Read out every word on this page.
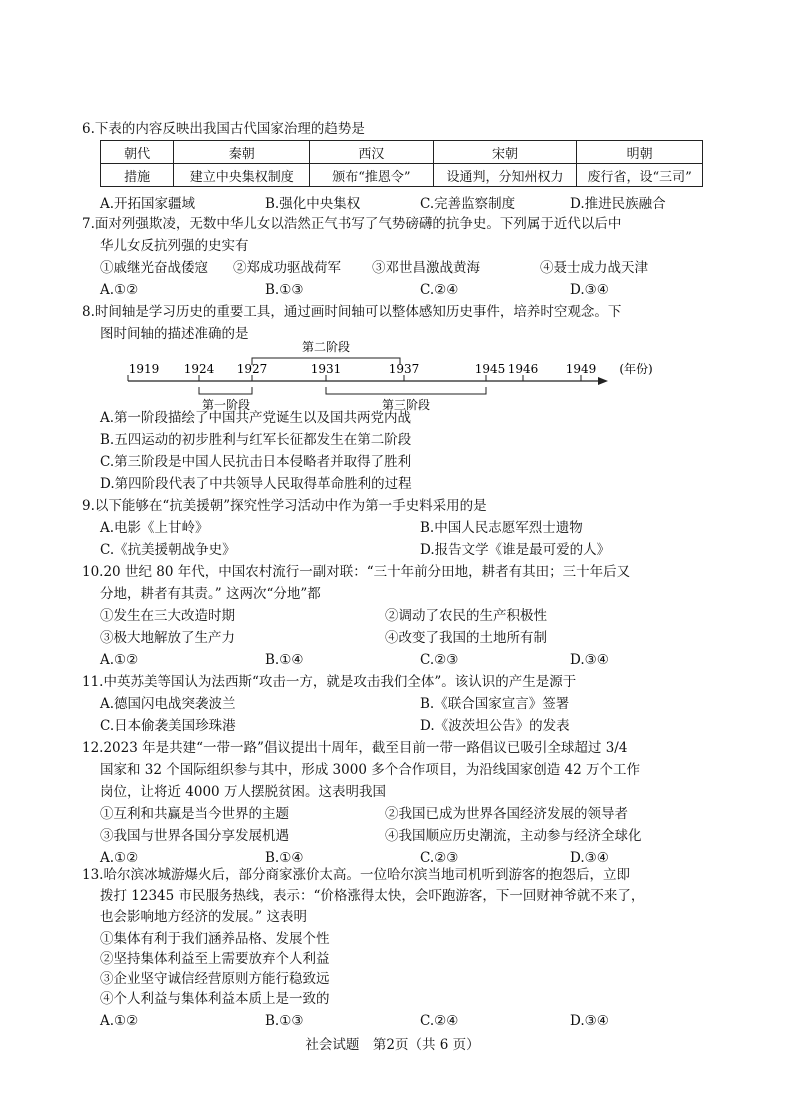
6.下表的内容反映出我国古代国家治理的趋势是
朝代	秦朝	西汉	宋朝	明朝
措施	建立中央集权制度	颁布“推恩令”	设通判，分知州权力	废行省，设“三司”
A.开拓国家疆域	B.强化中央集权	C.完善监察制度	D.推进民族融合
7.面对列强欺凌，无数中华儿女以浩然正气书写了气势磅礴的抗争史。下列属于近代以后中
华儿女反抗列强的史实有
①戚继光奋战倭寇 ②郑成功驱战荷军 ③邓世昌激战黄海	④聂士成力战天津
A.①②	B.①③	C.②④	D.③④
8.时间轴是学习历史的重要工具，通过画时间轴可以整体感知历史事件，培养时空观念。下
图时间轴的描述准确的是
第二阶段
1919 1924 1927	1931	1937	1945 1946 1949 (年份)
第一阶段	第三阶段
A.第一阶段描绘了中国共产党诞生以及国共两党内战
B.五四运动的初步胜利与红军长征都发生在第二阶段
C.第三阶段是中国人民抗击日本侵略者并取得了胜利
D.第四阶段代表了中共领导人民取得革命胜利的过程
9.以下能够在“抗美援朝”探究性学习活动中作为第一手史料采用的是
A.电影《上甘岭》	B.中国人民志愿军烈士遗物
C.《抗美援朝战争史》	D.报告文学《谁是最可爱的人》
10.20 世纪 80 年代，中国农村流行一副对联：“三十年前分田地，耕者有其田；三十年后又
分地，耕者有其责。” 这两次“分地”都
①发生在三大改造时期	②调动了农民的生产积极性
③极大地解放了生产力	④改变了我国的土地所有制
A.①②	B.①④	C.②③	D.③④
11.中英苏美等国认为法西斯“攻击一方，就是攻击我们全体”。该认识的产生是源于
A.德国闪电战突袭波兰	B.《联合国家宣言》签署
C.日本偷袭美国珍珠港	D.《波茨坦公告》的发表
12.2023 年是共建“一带一路”倡议提出十周年，截至目前一带一路倡议已吸引全球超过 3/4
国家和 32 个国际组织参与其中，形成 3000 多个合作项目，为沿线国家创造 42 万个工作
岗位，让将近 4000 万人摆脱贫困。这表明我国
①互利和共赢是当今世界的主题	②我国已成为世界各国经济发展的领导者
③我国与世界各国分享发展机遇	④我国顺应历史潮流，主动参与经济全球化
A.①②	B.①④	C.②③	D.③④
13.哈尔滨冰城游爆火后，部分商家涨价太高。一位哈尔滨当地司机听到游客的抱怨后，立即
拨打 12345 市民服务热线，表示：“价格涨得太快，会吓跑游客，下一回财神爷就不来了，
也会影响地方经济的发展。” 这表明
①集体有利于我们涵养品格、发展个性
②坚持集体利益至上需要放弃个人利益
③企业坚守诚信经营原则方能行稳致远
④个人利益与集体利益本质上是一致的
A.①②	B.①③	C.②④	D.③④
社会试题　第2页（共 6 页）
